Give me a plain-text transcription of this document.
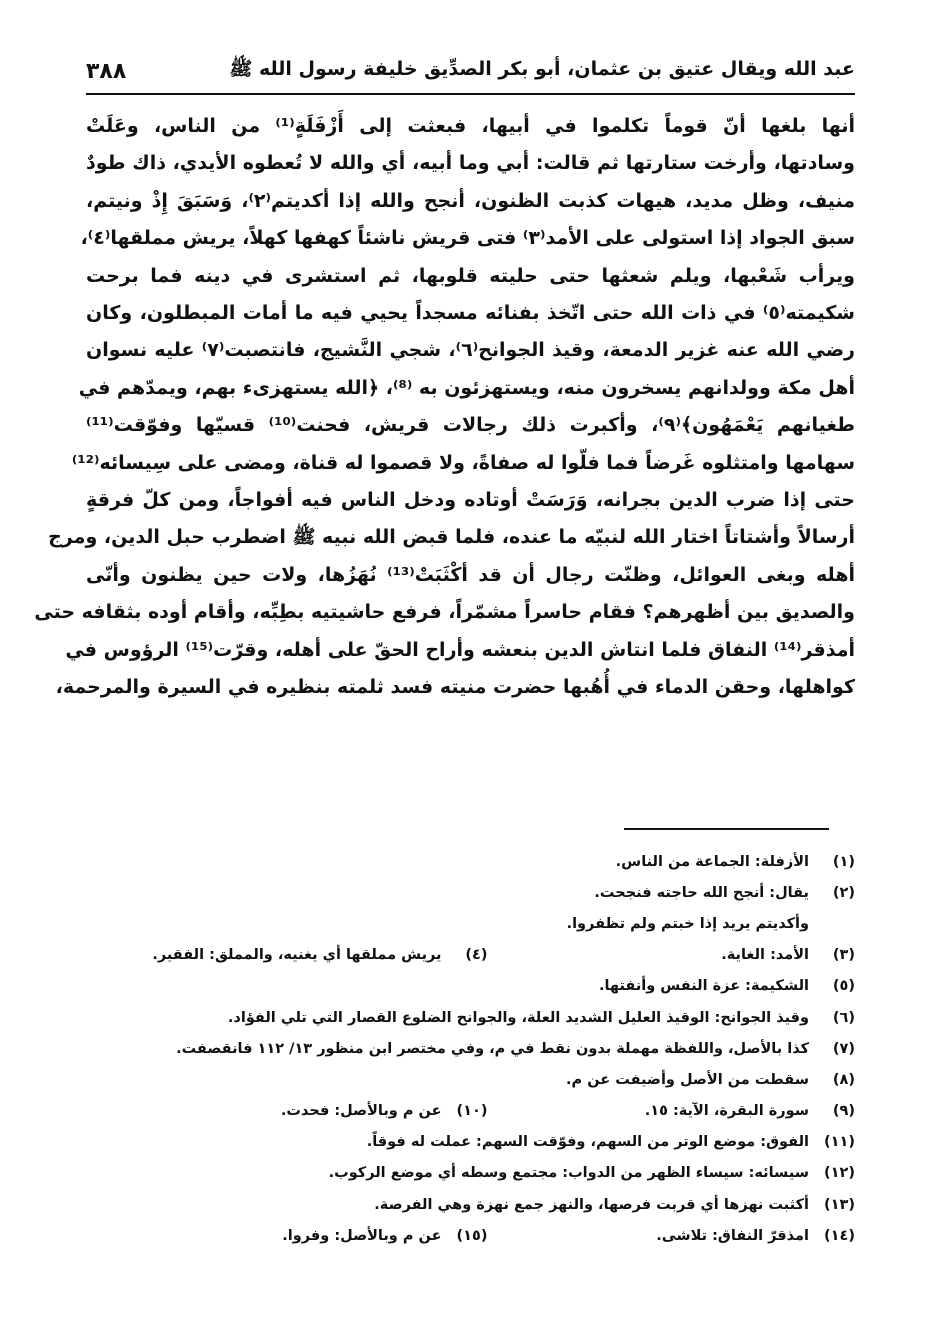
عبد الله ويقال عتيق بن عثمان، أبو بكر الصدِّيق خليفة رسول الله ﷺ
٣٨٨
أنها بلغها أنّ قوماً تكلموا في أبيها، فبعثت إلى أَزْفَلَةٍ⁽¹⁾ من الناس، وعَلَتْ
وسادتها، وأرخت ستارتها ثم قالت: أبي وما أبيه، أي والله لا تُعطوه الأيدي، ذاك طودٌ
منيف، وظل مديد، هيهات كذبت الظنون، أنجح والله إذا أكديتم⁽٢⁾، وَسَبَقَ إِذْ ونيتم،
سبق الجواد إذا استولى على الأمد⁽٣⁾ فتى قريش ناشئاً كهفها كهلاً، يريش مملقها⁽٤⁾،
ويرأب شَعْبها، ويلم شعثها حتى حليته قلوبها، ثم استشرى في دينه فما برحت
شكيمته⁽٥⁾ في ذات الله حتى اتّخذ بفنائه مسجداً يحيي فيه ما أمات المبطلون، وكان
رضي الله عنه غزير الدمعة، وقيذ الجوانح⁽٦⁾، شجي النَّشيج، فانتصبت⁽٧⁾ عليه نسوان
أهل مكة وولدانهم يسخرون منه، ويستهزئون به ⁽⁸⁾، ﴿الله يستهزىء بهم، ويمدّهم في
طغيانهم يَعْمَهُون﴾⁽٩⁾، وأكبرت ذلك رجالات قريش، فحنت⁽¹⁰⁾ قسيّها وفوّقت⁽¹¹⁾
سهامها وامتثلوه غَرضاً فما فلّوا له صفاةً، ولا قصموا له قناة، ومضى على سِيسائه⁽¹²⁾
حتى إذا ضرب الدين بجرانه، وَرَسَتْ أوتاده ودخل الناس فيه أفواجاً، ومن كلّ فرقةٍ
أرسالاً وأشتاتاً اختار الله لنبيّه ما عنده، فلما قبض الله نبيه ﷺ اضطرب حبل الدين، ومرج
أهله وبغى العوائل، وظنّت رجال أن قد أكْثَبَتْ⁽¹³⁾ نُهَزُها، ولات حين يظنون وأنّى
والصديق بين أظهرهم؟ فقام حاسراً مشمّراً، فرفع حاشيتيه بطِبِّه، وأقام أوده بثقافه حتى
أمذقر⁽¹⁴⁾ النفاق فلما انتاش الدين بنعشه وأراح الحقّ على أهله، وقرّت⁽¹⁵⁾ الرؤوس في
كواهلها، وحقن الدماء في أُهُبها حضرت منيته فسد ثلمته بنظيره في السيرة والمرحمة،
(١)الأزفلة: الجماعة من الناس.
(٢)يقال: أنجح الله حاجته فنجحت.
وأكديتم يريد إذا خبتم ولم تظفروا.
(٣)
الأمد: الغاية.
(٤)
يريش مملقها أي يغنيه، والمملق: الفقير.
(٥)الشكيمة: عزة النفس وأنفتها.
(٦)وقيذ الجوانح: الوقيذ العليل الشديد العلة، والجوانح الضلوع القصار التي تلي الفؤاد.
(٧)كذا بالأصل، واللفظة مهملة بدون نقط في م، وفي مختصر ابن منظور ١٣/ ١١٢ فانقصفت.
(٨)سقطت من الأصل وأضيفت عن م.
(٩)
سورة البقرة، الآية: ١٥.
(١٠)
عن م وبالأصل: فحدت.
(١١)الفوق: موضع الوتر من السهم، وفوّقت السهم: عملت له فوقاً.
(١٢)سيسائه: سيساء الظهر من الدواب: مجتمع وسطه أي موضع الركوب.
(١٣)أكثبت نهزها أي قربت فرصها، والنهز جمع نهزة وهي الفرصة.
(١٤)
امذقرّ النفاق: تلاشى.
(١٥)
عن م وبالأصل: وفروا.
